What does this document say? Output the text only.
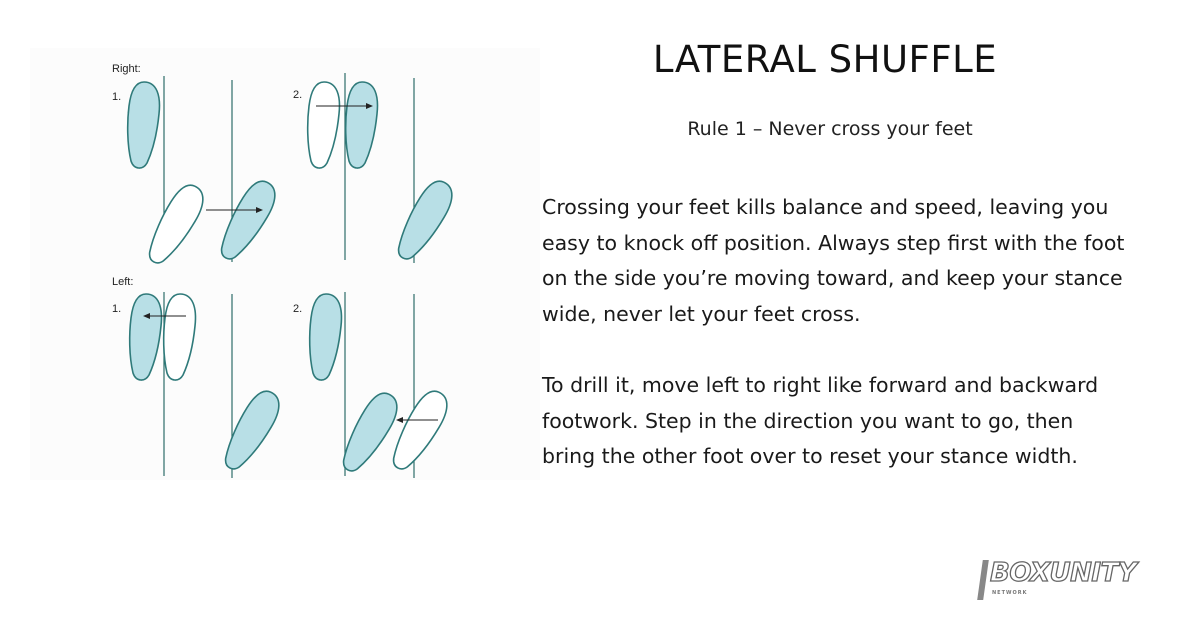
Right:
Left:
1.	2.
1.	2.
LATERAL SHUFFLE

Rule 1 – Never cross your feet

Crossing your feet kills balance and speed, leaving you easy to knock off position. Always step first with the foot on the side you’re moving toward, and keep your stance wide, never let your feet cross.

To drill it, move left to right like forward and backward footwork. Step in the direction you want to go, then bring the other foot over to reset your stance width.

BOXUNITY
NETWORK
